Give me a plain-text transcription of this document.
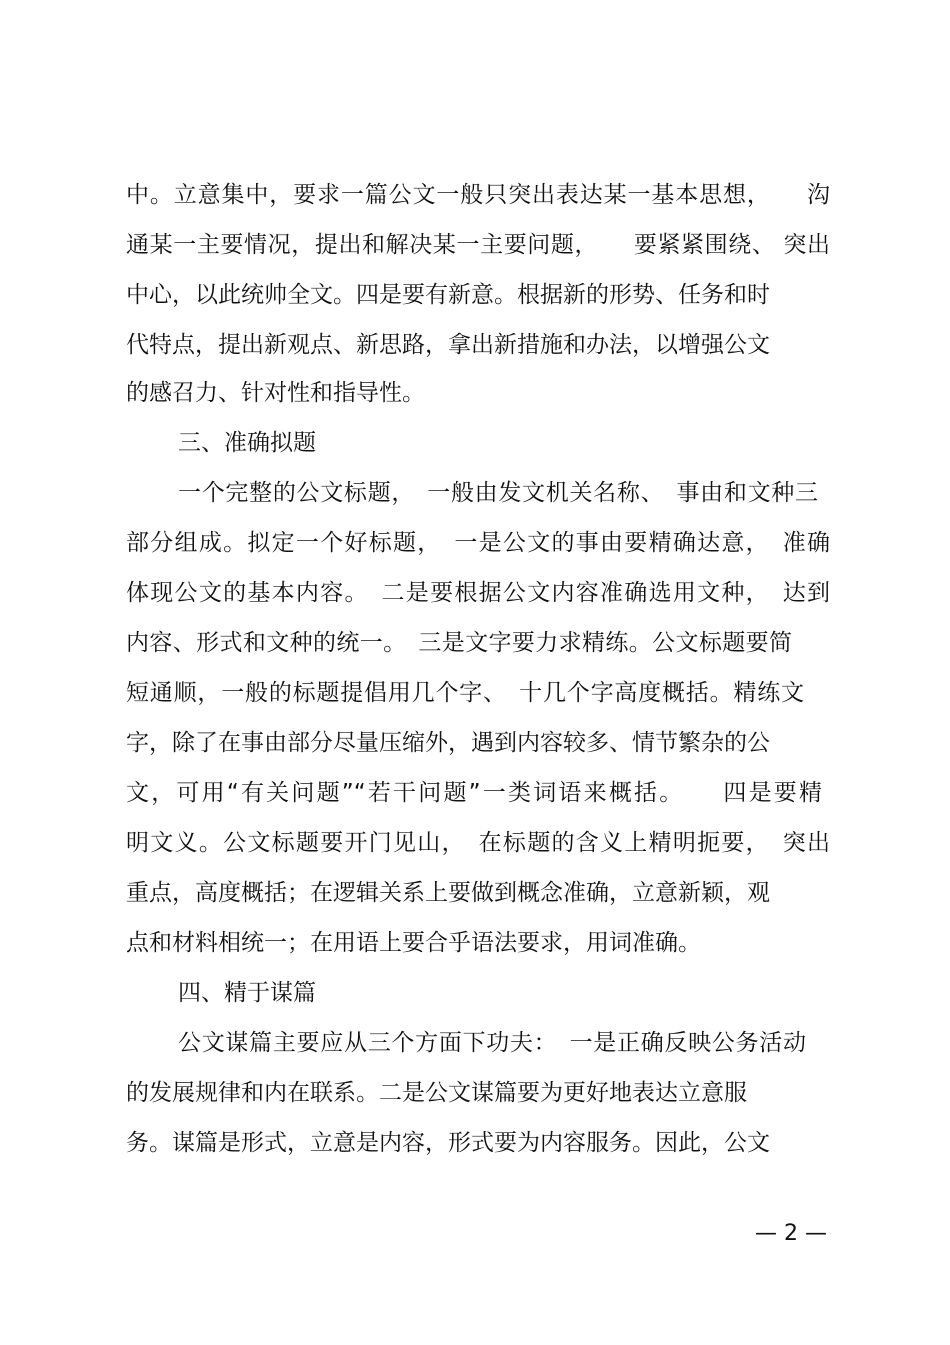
中。立意集中，要求一篇公文一般只突出表达某一基本思想，　　沟
通某一主要情况，提出和解决某一主要问题，　　要紧紧围绕、 突出
中心，以此统帅全文。四是要有新意。根据新的形势、任务和时
代特点，提出新观点、新思路，拿出新措施和办法，以增强公文
的感召力、针对性和指导性。
三、准确拟题
一个完整的公文标题，　一般由发文机关名称、　事由和文种三
部分组成。拟定一个好标题，　一是公文的事由要精确达意，　准确
体现公文的基本内容。　二是要根据公文内容准确选用文种，　达到
内容、形式和文种的统一。　三是文字要力求精练。公文标题要简
短通顺，一般的标题提倡用几个字、　十几个字高度概括。精练文
字，除了在事由部分尽量压缩外，遇到内容较多、情节繁杂的公
文，可用“有关问题”“若干问题”一类词语来概括。　　四是要精
明文义。公文标题要开门见山，　在标题的含义上精明扼要，　突出
重点，高度概括；在逻辑关系上要做到概念准确，立意新颖，观
点和材料相统一；在用语上要合乎语法要求，用词准确。
四、精于谋篇
公文谋篇主要应从三个方面下功夫：　一是正确反映公务活动
的发展规律和内在联系。二是公文谋篇要为更好地表达立意服
务。谋篇是形式，立意是内容，形式要为内容服务。因此，公文
— 2 —
